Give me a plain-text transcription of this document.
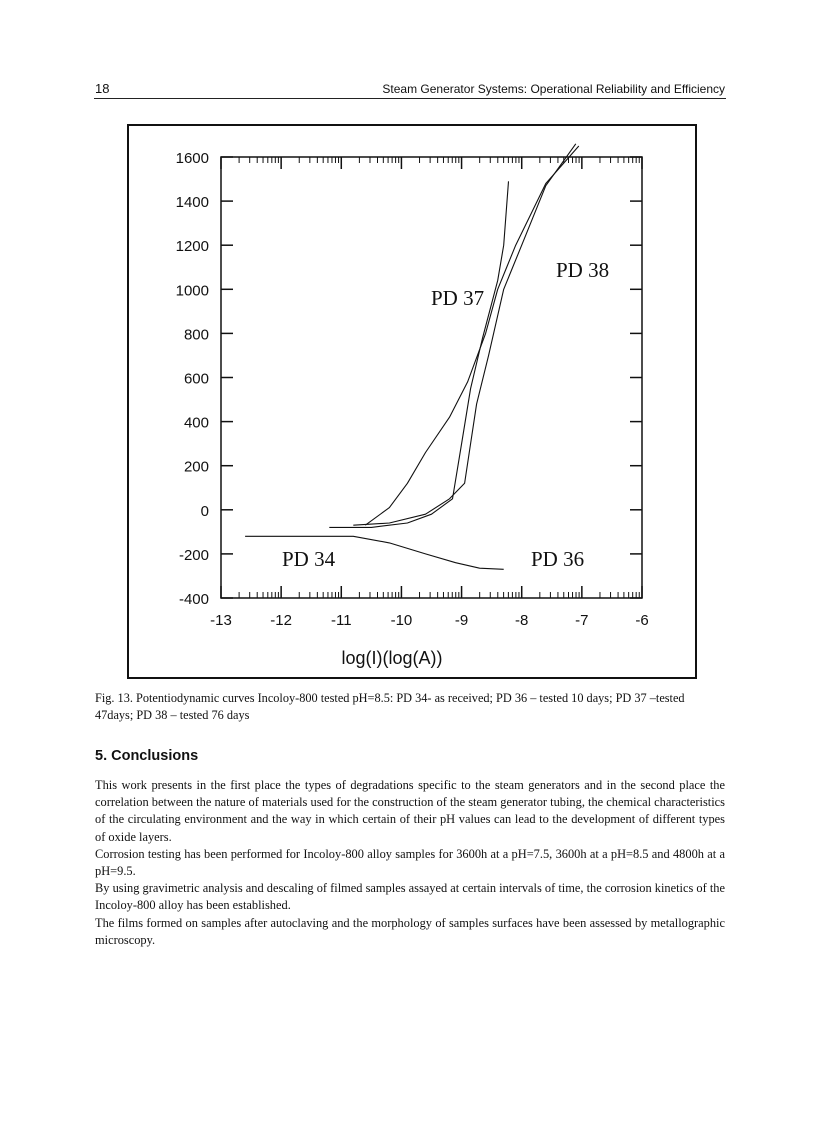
18	Steam Generator Systems: Operational Reliability and Efficiency
-400
-200
0
200
400
600
800
1000
1200
1400
1600
-13	-12	-11	-10	-9	-8	-7	-6
log(I)(log(A))
PD 37
PD 38
PD 34	PD 36
Fig. 13. Potentiodynamic curves Incoloy-800 tested pH=8.5: PD 34- as received; PD 36 – tested 10 days; PD 37 –tested 47days; PD 38 – tested 76 days
5. Conclusions

This work presents in the first place the types of degradations specific to the steam generators and in the second place the correlation between the nature of materials used for the construction of the steam generator tubing, the chemical characteristics of the circulating environment and the way in which certain of their pH values can lead to the development of different types of oxide layers.

Corrosion testing has been performed for Incoloy-800 alloy samples for 3600h at a pH=7.5, 3600h at a pH=8.5 and 4800h at a pH=9.5.

By using gravimetric analysis and descaling of filmed samples assayed at certain intervals of time, the corrosion kinetics of the Incoloy-800 alloy has been established.

The films formed on samples after autoclaving and the morphology of samples surfaces have been assessed by metallographic microscopy.
